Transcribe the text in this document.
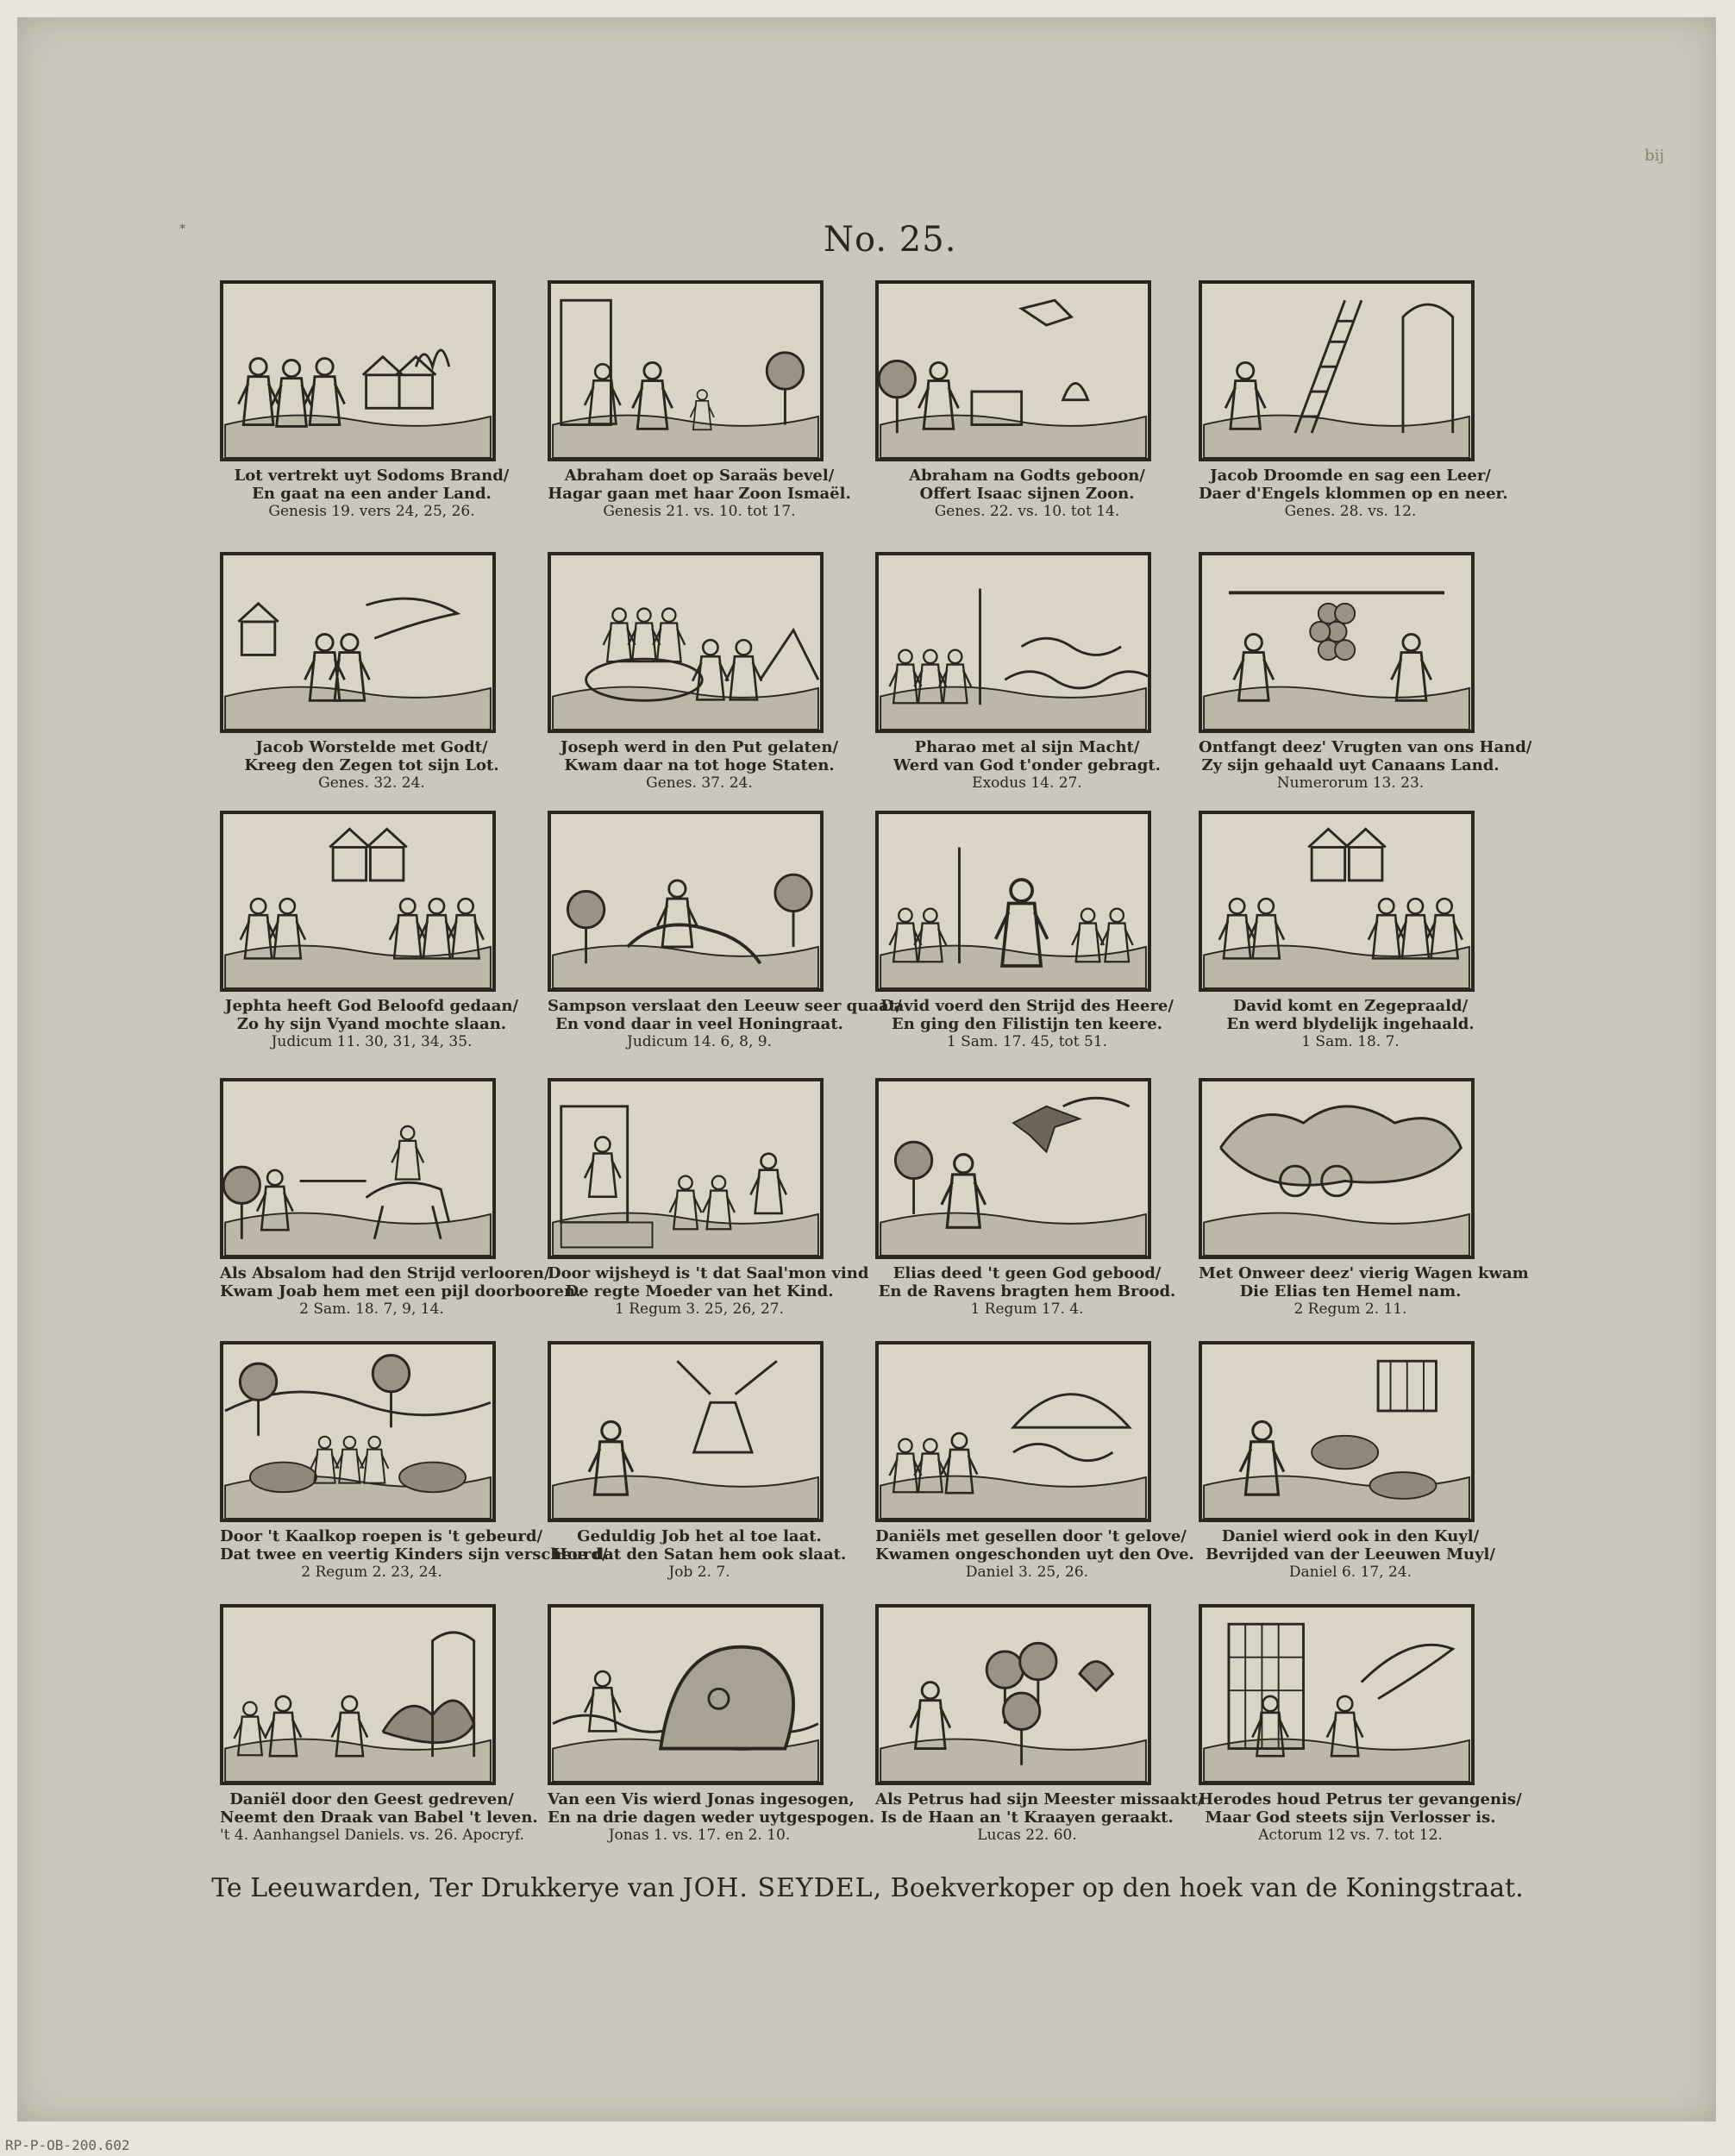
No. 25.
bij
*
Lot vertrekt uyt Sodoms Brand/
En gaat na een ander Land.
Genesis 19. vers 24, 25, 26.
Abraham doet op Saraäs bevel/
Hagar gaan met haar Zoon Ismaël.
Genesis 21. vs. 10. tot 17.
Abraham na Godts geboon/
Offert Isaac sijnen Zoon.
Genes. 22. vs. 10. tot 14.
Jacob Droomde en sag een Leer/
Daer d'Engels klommen op en neer.
Genes. 28. vs. 12.
Jacob Worstelde met Godt/
Kreeg den Zegen tot sijn Lot.
Genes. 32. 24.
Joseph werd in den Put gelaten/
Kwam daar na tot hoge Staten.
Genes. 37. 24.
Pharao met al sijn Macht/
Werd van God t'onder gebragt.
Exodus 14. 27.
Ontfangt deez' Vrugten van ons Hand/
Zy sijn gehaald uyt Canaans Land.
Numerorum 13. 23.
Jephta heeft God Beloofd gedaan/
Zo hy sijn Vyand mochte slaan.
Judicum 11. 30, 31, 34, 35.
Sampson verslaat den Leeuw seer quaat/
En vond daar in veel Honingraat.
Judicum 14. 6, 8, 9.
David voerd den Strijd des Heere/
En ging den Filistijn ten keere.
1 Sam. 17. 45, tot 51.
David komt en Zegepraald/
En werd blydelijk ingehaald.
1 Sam. 18. 7.
Als Absalom had den Strijd verlooren/
Kwam Joab hem met een pijl doorbooren.
2 Sam. 18. 7, 9, 14.
Door wijsheyd is 't dat Saal'mon vind
De regte Moeder van het Kind.
1 Regum 3. 25, 26, 27.
Elias deed 't geen God gebood/
En de Ravens bragten hem Brood.
1 Regum 17. 4.
Met Onweer deez' vierig Wagen kwam
Die Elias ten Hemel nam.
2 Regum 2. 11.
Door 't Kaalkop roepen is 't gebeurd/
Dat twee en veertig Kinders sijn verscheurd/
2 Regum 2. 23, 24.
Geduldig Job het al toe laat.
Hoe dat den Satan hem ook slaat.
Job 2. 7.
Daniëls met gesellen door 't gelove/
Kwamen ongeschonden uyt den Ove.
Daniel 3. 25, 26.
Daniel wierd ook in den Kuyl/
Bevrijded van der Leeuwen Muyl/
Daniel 6. 17, 24.
Daniël door den Geest gedreven/
Neemt den Draak van Babel 't leven.
't 4. Aanhangsel Daniels. vs. 26. Apocryf.
Van een Vis wierd Jonas ingesogen,
En na drie dagen weder uytgespogen.
Jonas 1. vs. 17. en 2. 10.
Als Petrus had sijn Meester missaakt/
Is de Haan an 't Kraayen geraakt.
Lucas 22. 60.
Herodes houd Petrus ter gevangenis/
Maar God steets sijn Verlosser is.
Actorum 12 vs. 7. tot 12.
Te Leeuwarden, Ter Drukkerye van JOH. SEYDEL, Boekverkoper op den hoek van de Koningstraat.
RP-P-OB-200.602
